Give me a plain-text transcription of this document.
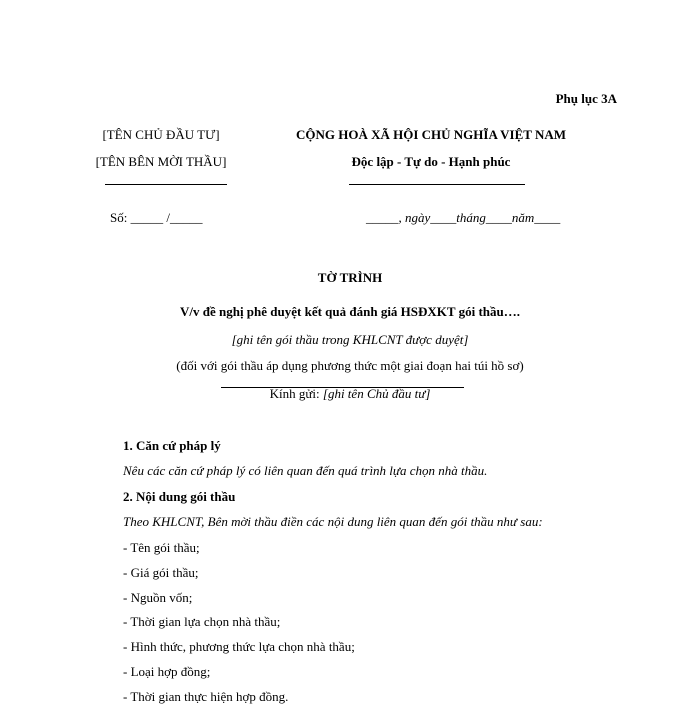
Phụ lục 3A
[TÊN CHỦ ĐẦU TƯ]
[TÊN BÊN MỜI THẦU]
Số: _____ /_____
CỘNG HOÀ XÃ HỘI CHỦ NGHĨA VIỆT NAM
Độc lập - Tự do - Hạnh phúc
_____, ngày____tháng____năm____
TỜ TRÌNH
V/v đề nghị phê duyệt kết quả đánh giá HSĐXKT gói thầu….
[ghi tên gói thầu trong KHLCNT được duyệt]
(đối với gói thầu áp dụng phương thức một giai đoạn hai túi hồ sơ)
Kính gửi: [ghi tên Chủ đầu tư]
1. Căn cứ pháp lý
Nêu các căn cứ pháp lý có liên quan đến quá trình lựa chọn nhà thầu.
2. Nội dung gói thầu
Theo KHLCNT, Bên mời thầu điền các nội dung liên quan đến gói thầu như sau:
- Tên gói thầu;
- Giá gói thầu;
- Nguồn vốn;
- Thời gian lựa chọn nhà thầu;
- Hình thức, phương thức lựa chọn nhà thầu;
- Loại hợp đồng;
- Thời gian thực hiện hợp đồng.
